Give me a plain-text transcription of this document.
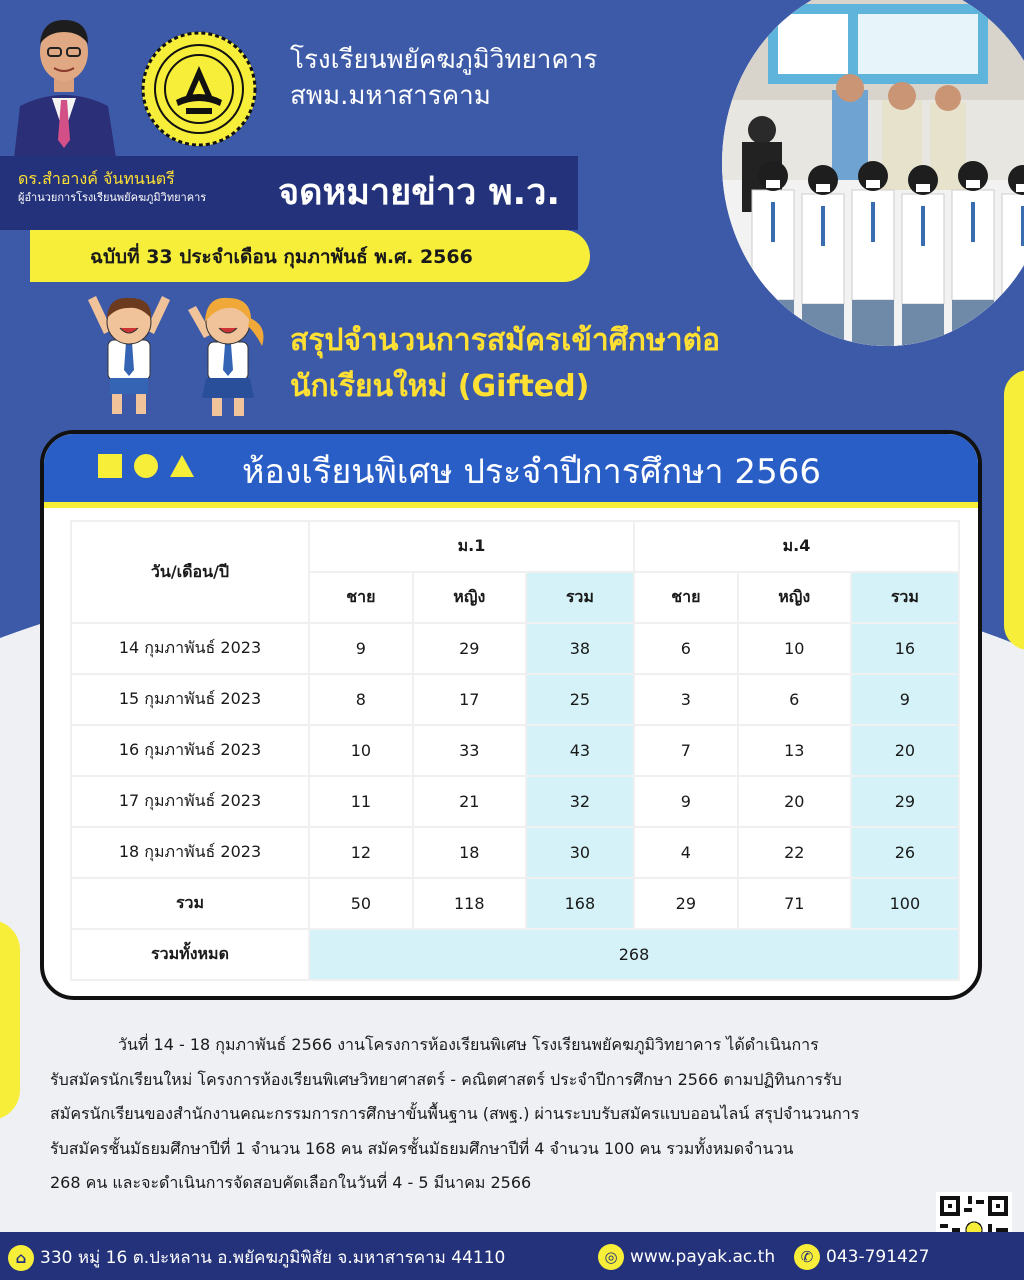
โรงเรียนพยัคฆภูมิวิทยาคาร
สพม.มหาสารคาม
ดร.สำอางค์ จันทนนตรี
ผู้อำนวยการโรงเรียนพยัคฆภูมิวิทยาคาร จดหมายข่าว พ.ว.
ฉบับที่ 33 ประจำเดือน กุมภาพันธ์ พ.ศ. 2566
สรุปจำนวนการสมัครเข้าศึกษาต่อ
นักเรียนใหม่ (Gifted)
ห้องเรียนพิเศษ ประจำปีการศึกษา 2566
วัน/เดือน/ปี	ม.1			ม.4		
	ชาย	หญิง	รวม	ชาย	หญิง	รวม
14 กุมภาพันธ์ 2023	9	29	38	6	10	16
15 กุมภาพันธ์ 2023	8	17	25	3	6	9
16 กุมภาพันธ์ 2023	10	33	43	7	13	20
17 กุมภาพันธ์ 2023	11	21	32	9	20	29
18 กุมภาพันธ์ 2023	12	18	30	4	22	26
รวม	50	118	168	29	71	100
รวมทั้งหมด	268					
วันที่ 14 - 18 กุมภาพันธ์ 2566 งานโครงการห้องเรียนพิเศษ โรงเรียนพยัคฆภูมิวิทยาคาร ได้ดำเนินการ
รับสมัครนักเรียนใหม่ โครงการห้องเรียนพิเศษวิทยาศาสตร์ - คณิตศาสตร์ ประจำปีการศึกษา 2566 ตามปฏิทินการรับ
สมัครนักเรียนของสำนักงานคณะกรรมการการศึกษาขั้นพื้นฐาน (สพฐ.) ผ่านระบบรับสมัครแบบออนไลน์ สรุปจำนวนการ
รับสมัครชั้นมัธยมศึกษาปีที่ 1 จำนวน 168 คน สมัครชั้นมัธยมศึกษาปีที่ 4 จำนวน 100 คน รวมทั้งหมดจำนวน
268 คน และจะดำเนินการจัดสอบคัดเลือกในวันที่ 4 - 5 มีนาคม 2566
⌂ 330 หมู่ 16 ต.ปะหลาน อ.พยัคฆภูมิพิสัย จ.มหาสารคาม 44110	◎ www.payak.ac.th	✆ 043-791427
